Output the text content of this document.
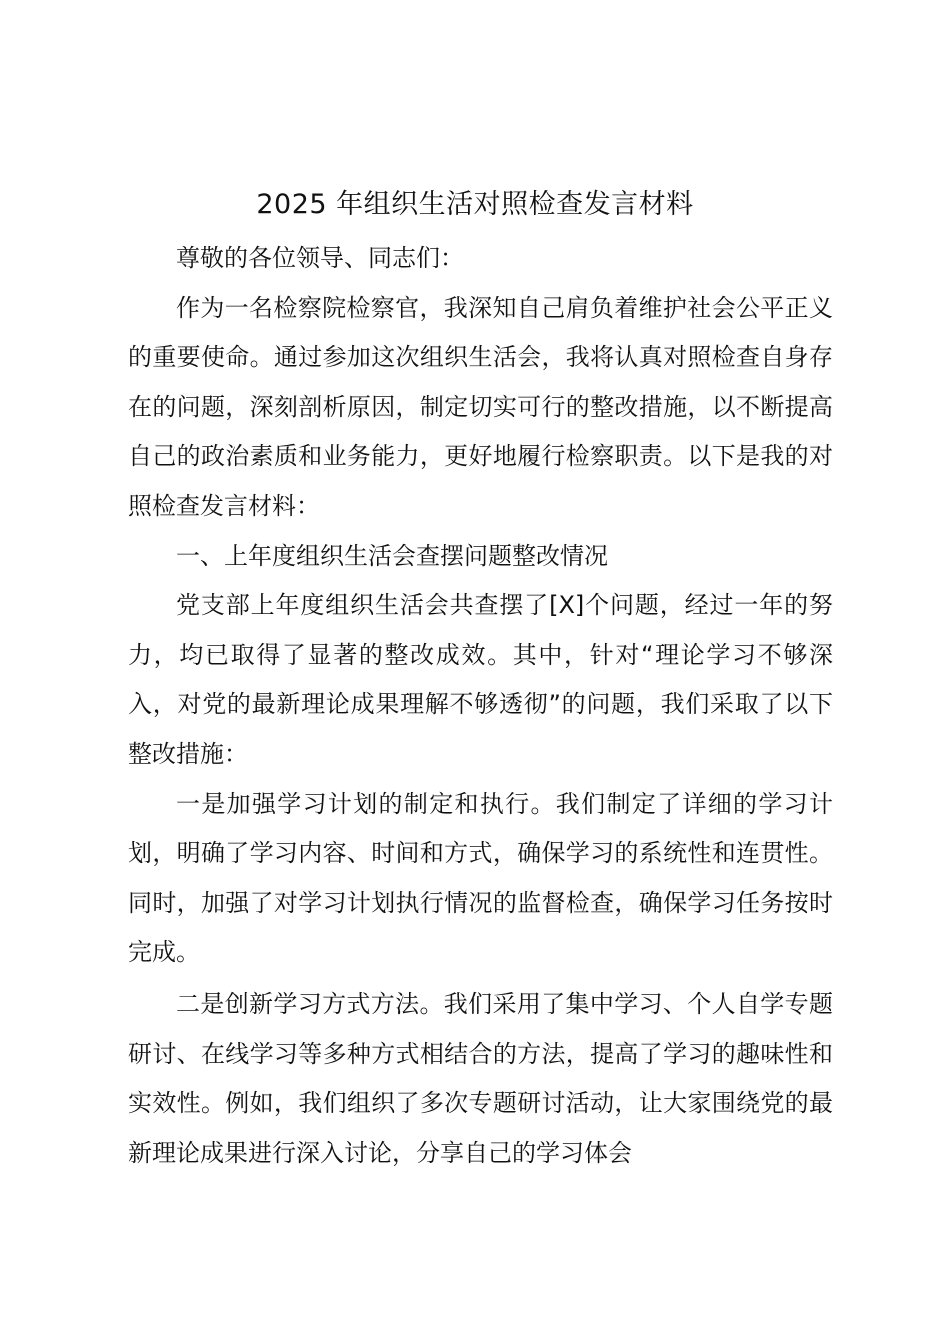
2025 年组织生活对照检查发言材料

尊敬的各位领导、同志们：

作为一名检察院检察官，我深知自己肩负着维护社会公平正义的重要使命。通过参加这次组织生活会，我将认真对照检查自身存在的问题，深刻剖析原因，制定切实可行的整改措施，以不断提高自己的政治素质和业务能力，更好地履行检察职责。以下是我的对照检查发言材料：

一、上年度组织生活会查摆问题整改情况

党支部上年度组织生活会共查摆了[X]个问题，经过一年的努力，均已取得了显著的整改成效。其中，针对“理论学习不够深入，对党的最新理论成果理解不够透彻”的问题，我们采取了以下整改措施：

一是加强学习计划的制定和执行。我们制定了详细的学习计划，明确了学习内容、时间和方式，确保学习的系统性和连贯性。同时，加强了对学习计划执行情况的监督检查，确保学习任务按时完成。

二是创新学习方式方法。我们采用了集中学习、个人自学专题研讨、在线学习等多种方式相结合的方法，提高了学习的趣味性和实效性。例如，我们组织了多次专题研讨活动，让大家围绕党的最新理论成果进行深入讨论，分享自己的学习体会
